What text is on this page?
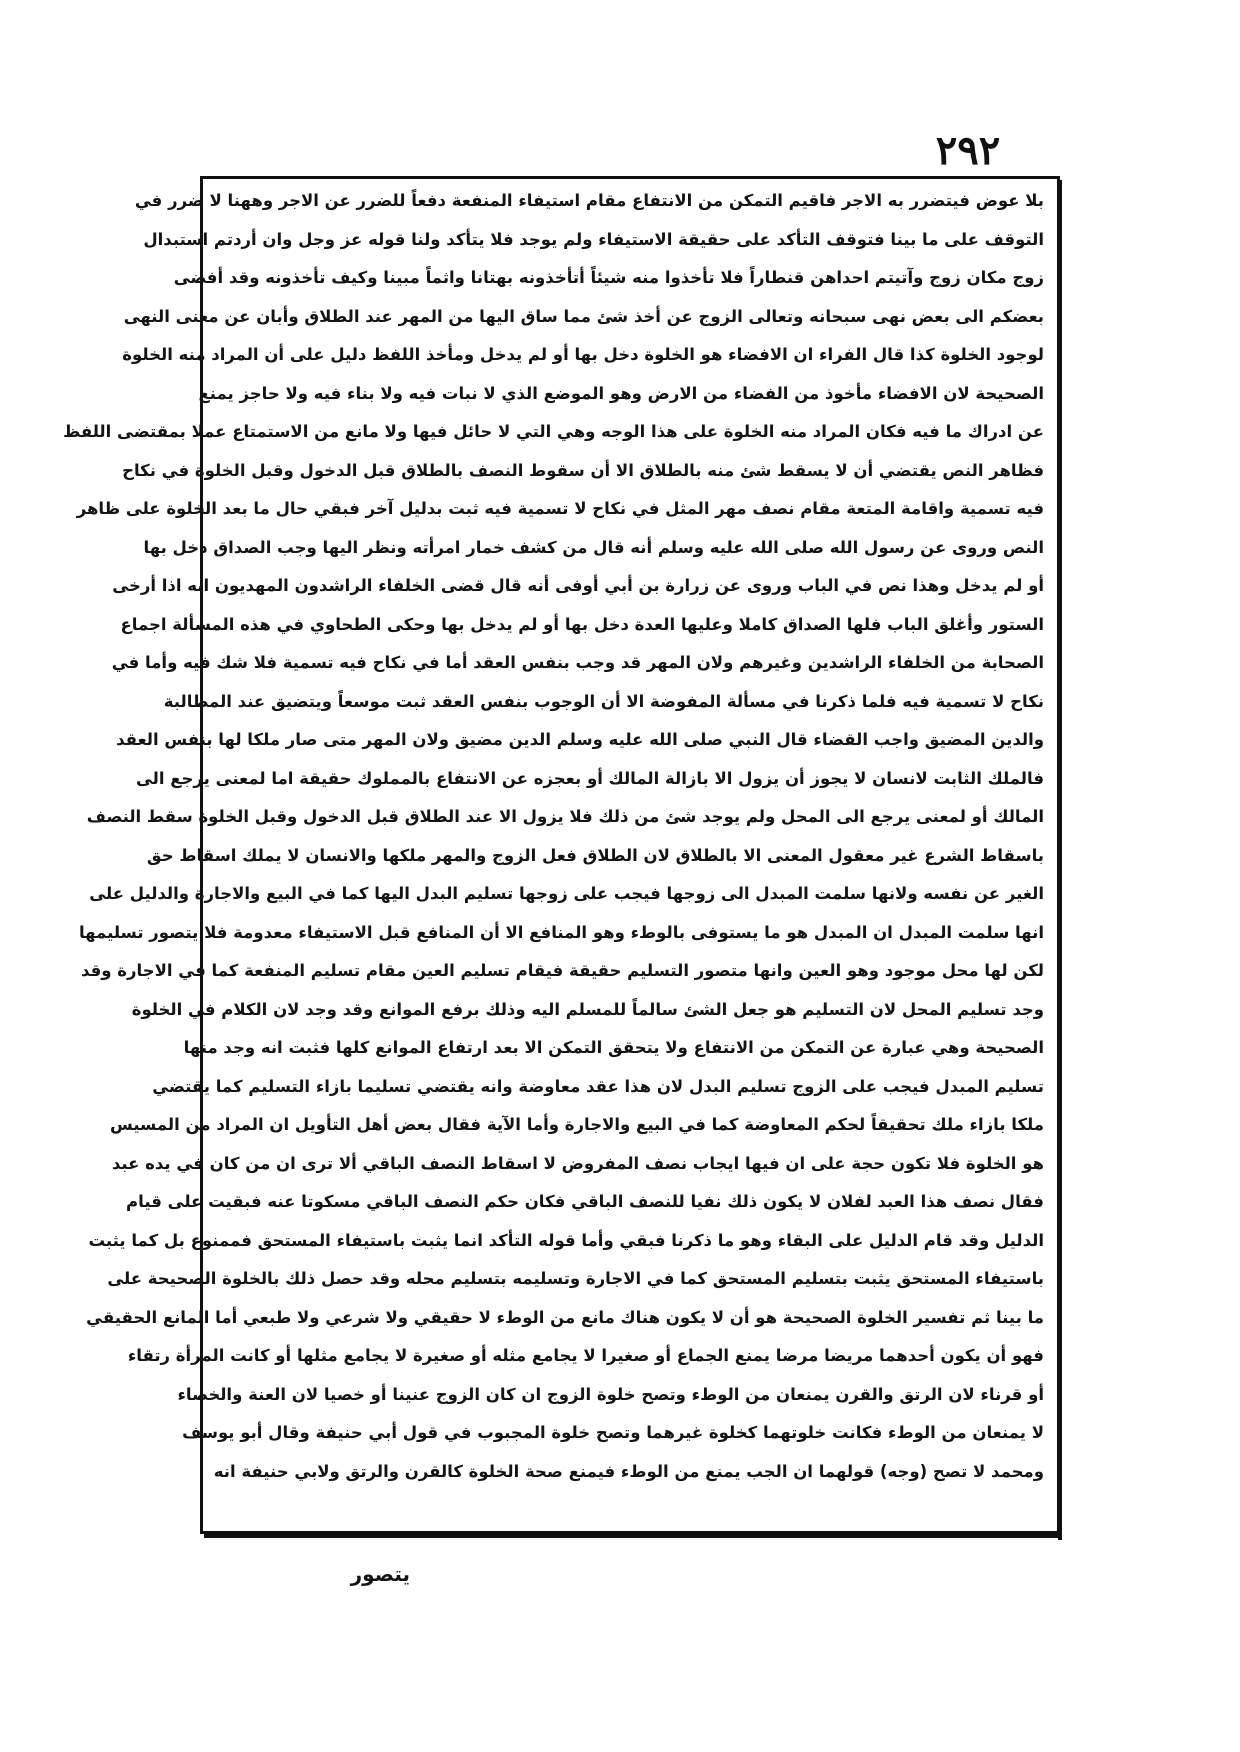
۲۹۲
بلا عوض فيتضرر به الاجر فاقيم التمكن من الانتفاع مقام استيفاء المنفعة دفعاً للضرر عن الاجر وههنا لا ضرر في
التوقف على ما بينا فتوقف التأكد على حقيقة الاستيفاء ولم يوجد فلا يتأكد ولنا قوله عز وجل وان أردتم استبدال
زوج مكان زوج وآتيتم احداهن قنطاراً فلا تأخذوا منه شيئاً أتأخذونه بهتانا واثماً مبينا وكيف تأخذونه وقد أفضى
بعضكم الى بعض نهى سبحانه وتعالى الزوج عن أخذ شئ مما ساق اليها من المهر عند الطلاق وأبان عن معنى النهى
لوجود الخلوة كذا قال الفراء ان الافضاء هو الخلوة دخل بها أو لم يدخل ومأخذ اللفظ دليل على أن المراد منه الخلوة
الصحيحة لان الافضاء مأخوذ من الفضاء من الارض وهو الموضع الذي لا نبات فيه ولا بناء فيه ولا حاجز يمنع
عن ادراك ما فيه فكان المراد منه الخلوة على هذا الوجه وهي التي لا حائل فيها ولا مانع من الاستمتاع عملا بمقتضى اللفظ
فظاهر النص يقتضي أن لا يسقط شئ منه بالطلاق الا أن سقوط النصف بالطلاق قبل الدخول وقبل الخلوة في نكاح
فيه تسمية واقامة المتعة مقام نصف مهر المثل في نكاح لا تسمية فيه ثبت بدليل آخر فبقي حال ما بعد الخلوة على ظاهر
النص وروى عن رسول الله صلى الله عليه وسلم أنه قال من كشف خمار امرأته ونظر اليها وجب الصداق دخل بها
أو لم يدخل وهذا نص في الباب وروى عن زرارة بن أبي أوفى أنه قال قضى الخلفاء الراشدون المهديون انه اذا أرخى
الستور وأغلق الباب فلها الصداق كاملا وعليها العدة دخل بها أو لم يدخل بها وحكى الطحاوي في هذه المسألة اجماع
الصحابة من الخلفاء الراشدين وغيرهم ولان المهر قد وجب بنفس العقد أما في نكاح فيه تسمية فلا شك فيه وأما في
نكاح لا تسمية فيه فلما ذكرنا في مسألة المفوضة الا أن الوجوب بنفس العقد ثبت موسعاً ويتضيق عند المطالبة
والدين المضيق واجب القضاء قال النبي صلى الله عليه وسلم الدين مضيق ولان المهر متى صار ملكا لها بنفس العقد
فالملك الثابت لانسان لا يجوز أن يزول الا بازالة المالك أو بعجزه عن الانتفاع بالمملوك حقيقة اما لمعنى يرجع الى
المالك أو لمعنى يرجع الى المحل ولم يوجد شئ من ذلك فلا يزول الا عند الطلاق قبل الدخول وقبل الخلوة سقط النصف
باسقاط الشرع غير معقول المعنى الا بالطلاق لان الطلاق فعل الزوج والمهر ملكها والانسان لا يملك اسقاط حق
الغير عن نفسه ولانها سلمت المبدل الى زوجها فيجب على زوجها تسليم البدل اليها كما في البيع والاجارة والدليل على
انها سلمت المبدل ان المبدل هو ما يستوفى بالوطء وهو المنافع الا أن المنافع قبل الاستيفاء معدومة فلا يتصور تسليمها
لكن لها محل موجود وهو العين وانها متصور التسليم حقيقة فيقام تسليم العين مقام تسليم المنفعة كما في الاجارة وقد
وجد تسليم المحل لان التسليم هو جعل الشئ سالماً للمسلم اليه وذلك برفع الموانع وقد وجد لان الكلام في الخلوة
الصحيحة وهي عبارة عن التمكن من الانتفاع ولا يتحقق التمكن الا بعد ارتفاع الموانع كلها فثبت انه وجد منها
تسليم المبدل فيجب على الزوج تسليم البدل لان هذا عقد معاوضة وانه يقتضي تسليما بازاء التسليم كما يقتضي
ملكا بازاء ملك تحقيقاً لحكم المعاوضة كما في البيع والاجارة وأما الآية فقال بعض أهل التأويل ان المراد من المسيس
هو الخلوة فلا تكون حجة على ان فيها ايجاب نصف المفروض لا اسقاط النصف الباقي ألا ترى ان من كان في يده عبد
فقال نصف هذا العبد لفلان لا يكون ذلك نفيا للنصف الباقي فكان حكم النصف الباقي مسكوتا عنه فبقيت على قيام
الدليل وقد قام الدليل على البقاء وهو ما ذكرنا فبقي وأما قوله التأكد انما يثبت باستيفاء المستحق فممنوع بل كما يثبت
باستيفاء المستحق يثبت بتسليم المستحق كما في الاجارة وتسليمه بتسليم محله وقد حصل ذلك بالخلوة الصحيحة على
ما بينا ثم تفسير الخلوة الصحيحة هو أن لا يكون هناك مانع من الوطء لا حقيقي ولا شرعي ولا طبعي أما المانع الحقيقي
فهو أن يكون أحدهما مريضا مرضا يمنع الجماع أو صغيرا لا يجامع مثله أو صغيرة لا يجامع مثلها أو كانت المرأة رتقاء
أو قرناء لان الرتق والقرن يمنعان من الوطء وتصح خلوة الزوج ان كان الزوج عنينا أو خصيا لان العنة والخصاء
لا يمنعان من الوطء فكانت خلوتهما كخلوة غيرهما وتصح خلوة المجبوب في قول أبي حنيفة وقال أبو يوسف
ومحمد لا تصح (وجه) قولهما ان الجب يمنع من الوطء فيمنع صحة الخلوة كالقرن والرتق ولابي حنيفة انه
يتصور
